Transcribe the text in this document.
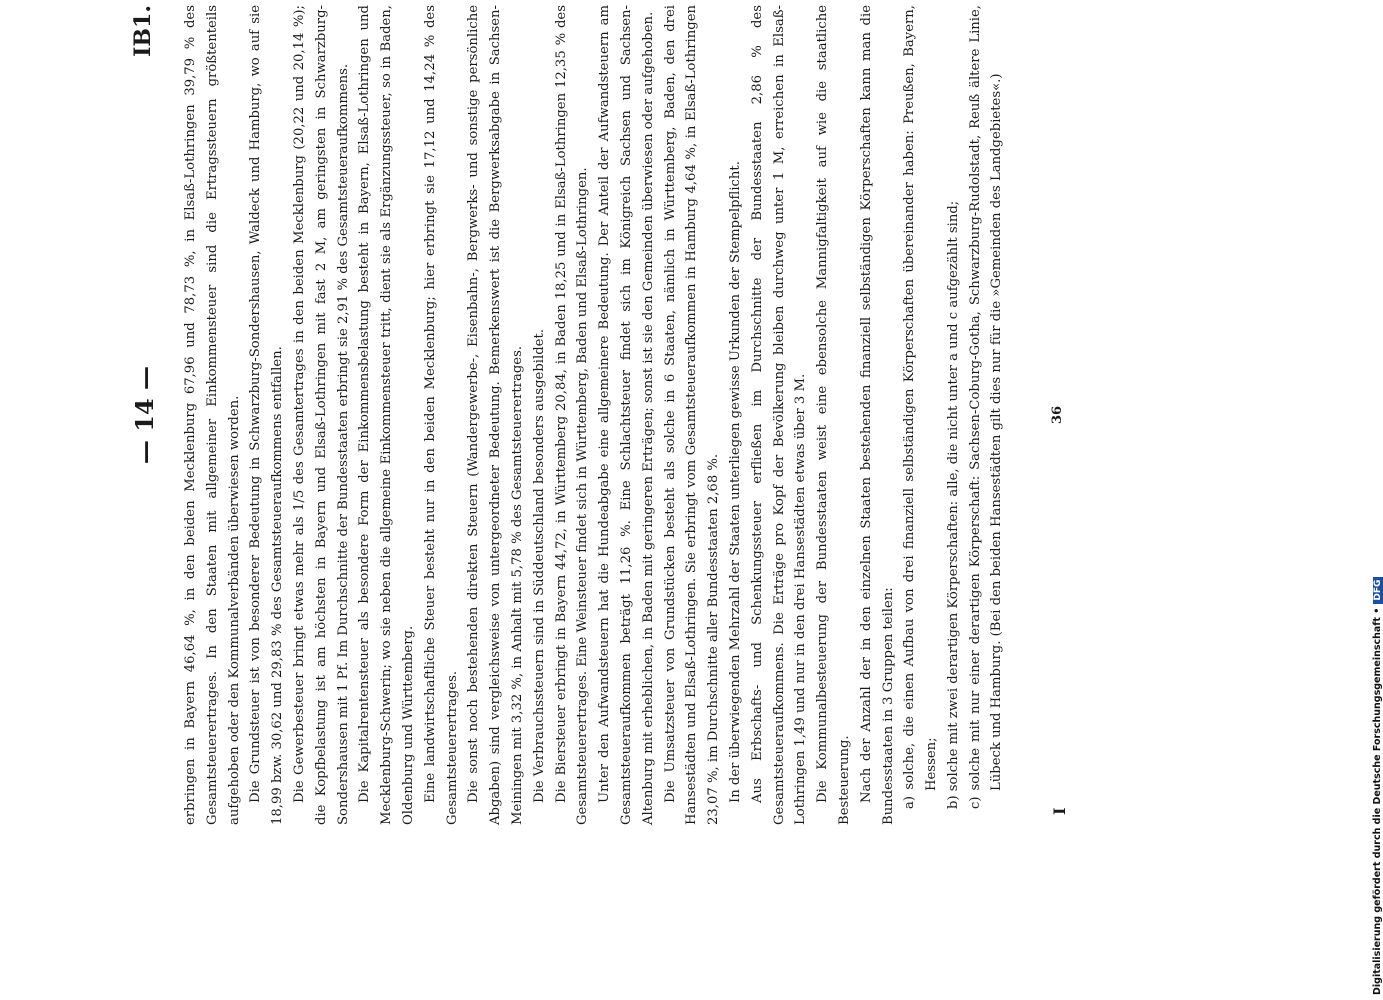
— 14 —
IB1. erbringen in Bayern 46,64 %, in den beiden Mecklenburg 67,96 und 78,73 %, in Elsaß-Lothringen 39,79 % des Gesamtsteuerertrages. In den Staaten mit allgemeiner Einkommensteuer sind die Ertragssteuern größtenteils aufgehoben oder den Kommunalverbänden überwiesen worden. Die Grundsteuer ist von besonderer Bedeutung in Schwarzburg-Sondershausen, Waldeck und Hamburg, wo auf sie 18,99 bzw. 30,62 und 29,83 % des Gesamtsteueraufkommens entfallen. Die Gewerbesteuer bringt etwas mehr als 1/5 des Gesamtertrages in den beiden Mecklenburg (20,22 und 20,14 %); die Kopfbelastung ist am höchsten in Bayern und Elsaß-Lothringen mit fast 2 M, am geringsten in Schwarzburg-Sondershausen mit 1 Pf. Im Durchschnitte der Bundesstaaten erbringt sie 2,91 % des Gesamtsteueraufkommens. Die Kapitalrentensteuer als besondere Form der Einkommensbelastung besteht in Bayern, Elsaß-Lothringen und Mecklenburg-Schwerin; wo sie neben die allgemeine Einkommensteuer tritt, dient sie als Ergänzungssteuer, so in Baden, Oldenburg und Württemberg. Eine landwirtschaftliche Steuer besteht nur in den beiden Mecklenburg; hier erbringt sie 17,12 und 14,24 % des Gesamtsteuerertrages. Die sonst noch bestehenden direkten Steuern (Wandergewerbe-, Eisenbahn-, Bergwerks- und sonstige persönliche Abgaben) sind vergleichsweise von untergeordneter Bedeutung. Bemerkenswert ist die Bergwerksabgabe in Sachsen-Meiningen mit 3,32 %, in Anhalt mit 5,78 % des Gesamtsteuerertrages. Die Verbrauchssteuern sind in Süddeutschland besonders ausgebildet. Die Biersteuer erbringt in Bayern 44,72, in Württemberg 20,84, in Baden 18,25 und in Elsaß-Lothringen 12,35 % des Gesamtsteuerertrages. Eine Weinsteuer findet sich in Württemberg, Baden und Elsaß-Lothringen. Unter den Aufwandsteuern hat die Hundeabgabe eine allgemeinere Bedeutung. Der Anteil der Aufwandsteuern am Gesamtsteueraufkommen beträgt 11,26 %. Eine Schlachtsteuer findet sich im Königreich Sachsen und Sachsen-Altenburg mit erheblichen, in Baden mit geringeren Erträgen; sonst ist sie den Gemeinden überwiesen oder aufgehoben. Die Umsatzsteuer von Grundstücken besteht als solche in 6 Staaten, nämlich in Württemberg, Baden, den drei Hansestädten und Elsaß-Lothringen. Sie erbringt vom Gesamtsteueraufkommen in Hamburg 4,64 %, in Elsaß-Lothringen 23,07 %, im Durchschnitte aller Bundesstaaten 2,68 %. In der überwiegenden Mehrzahl der Staaten unterliegen gewisse Urkunden der Stempelpflicht. Aus Erbschafts- und Schenkungssteuer erfließen im Durchschnitte der Bundesstaaten 2,86 % des Gesamtsteueraufkommens. Die Erträge pro Kopf der Bevölkerung bleiben durchweg unter 1 M, erreichen in Elsaß-Lothringen 1,49 und nur in den drei Hansestädten etwas über 3 M. Die Kommunalbesteuerung der Bundesstaaten weist eine ebensolche Mannigfaltigkeit auf wie die staatliche Besteuerung. Nach der Anzahl der in den einzelnen Staaten bestehenden finanziell selbständigen Körperschaften kann man die Bundesstaaten in 3 Gruppen teilen: a) solche, die einen Aufbau von drei finanziell selbständigen Körperschaften übereinander haben: Preußen, Bayern, Hessen; b) solche mit zwei derartigen Körperschaften: alle, die nicht unter a und c aufgezählt sind; c) solche mit nur einer derartigen Körperschaft: Sachsen-Coburg-Gotha, Schwarzburg-Rudolstadt, Reuß ältere Linie, Lübeck und Hamburg. (Bei den beiden Hansestädten gilt dies nur für die »Gemeinden des Landgebietes«.)

I
36
Digitalisierung gefördert durch die Deutsche Forschungsgemeinschaft •DFG
